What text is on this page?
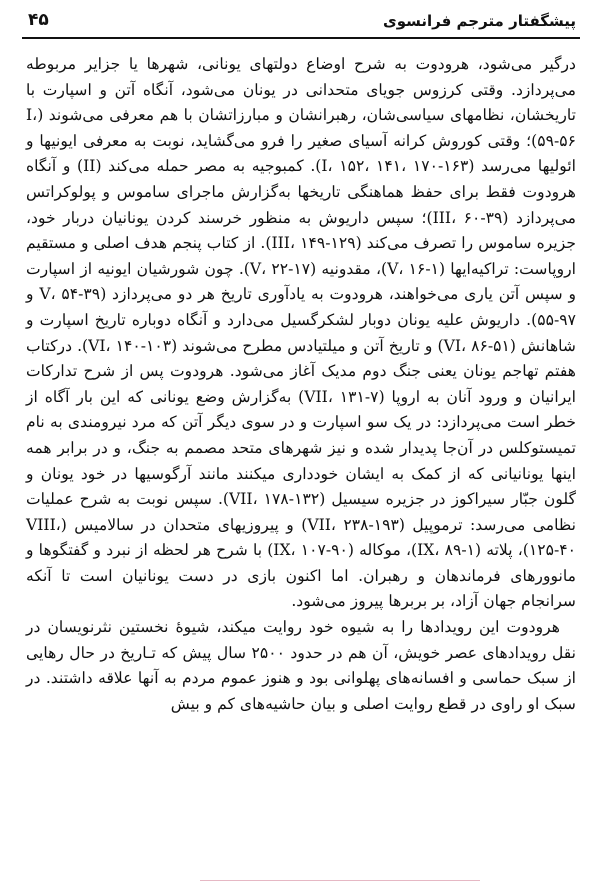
پیشگفتار مترجم فرانسوی
۴۵

درگیر می‌شود، هرودوت به شرح اوضاع دولتهای یونانی، شهرها یا جزایر مربوطه می‌پردازد. وقتی کرزوس جویای متحدانی در یونان می‌شود، آنگاه آتن و اسپارت با تاریخشان، نظامهای سیاسی‌شان، رهبرانشان و مبارزاتشان با هم معرفی می‌شوند (I، ۵۹-۵۶)؛ وقتی کوروش کرانه آسیای صغیر را فرو می‌گشاید، نوبت به معرفی ایونیها و ائولیها می‌رسد (I، ۱۵۲، ۱۴۱، ۱۷۰-۱۶۳). کمبوجیه به مصر حمله می‌کند (II) و آنگاه هرودوت فقط برای حفظ هماهنگی تاریخها به‌گزارش ماجرای ساموس و پولوکراتس می‌پردازد (III، ۶۰-۳۹)؛ سپس داریوش به منظور خرسند کردن یونانیان دربار خود، جزیره ساموس را تصرف می‌کند (III، ۱۴۹-۱۲۹). از کتاب پنجم هدف اصلی و مستقیم اروپاست: تراکیه‌ایها (V، ۱۶-۱)، مقدونیه (V، ۲۲-۱۷). چون شورشیان ایونیه از اسپارت و سپس آتن یاری می‌خواهند، هرودوت به یادآوری تاریخ هر دو می‌پردازد (V، ۵۴-۳۹ و ۹۷-۵۵). داریوش علیه یونان دوبار لشکرگسیل می‌دارد و آنگاه دوباره تاریخ اسپارت و شاهانش (VI، ۸۶-۵۱) و تاریخ آتن و میلتیادس مطرح می‌شوند (VI، ۱۴۰-۱۰۳). درکتاب هفتم تهاجم یونان یعنی جنگ دوم مدیک آغاز می‌شود. هرودوت پس از شرح تدارکات ایرانیان و ورود آنان به اروپا (VII، ۱۳۱-۷) به‌گزارش وضع یونانی که این بار آگاه از خطر است می‌پردازد: در یک سو اسپارت و در سوی دیگر آتن که مرد نیرومندی به نام تمیستوکلس در آن‌جا پدیدار شده و نیز شهرهای متحد مصمم به جنگ، و در برابر همه اینها یونانیانی که از کمک به ایشان خودداری میکنند مانند آرگوسیها در خود یونان و گلون جبّار سیراکوز در جزیره سیسیل (VII، ۱۷۸-۱۳۲). سپس نوبت به شرح عملیات نظامی می‌رسد: ترموپیل (VII، ۲۳۸-۱۹۳) و پیروزیهای متحدان در سالامیس (VIII، ۱۲۵-۴۰)، پلاته (IX، ۸۹-۱)، موکاله (IX، ۱۰۷-۹۰) با شرح هر لحظه از نبرد و گفتگوها و مانوورهای فرماندهان و رهبران. اما اکنون بازی در دست یونانیان است تا آنکه سرانجام جهان آزاد، بر بربرها پیروز می‌شود.

هرودوت این رویدادها را به شیوه خود روایت میکند، شیوهٔ نخستین نثرنویسان در نقل رویدادهای عصر خویش، آن هم در حدود ۲۵۰۰ سال پیش که تـاریخ در حال رهایی از سبک حماسی و افسانه‌های پهلوانی بود و هنوز عموم مردم به آنها علاقه داشتند. در سبک او راوی در قطع روایت اصلی و بیان حاشیه‌های کم و بیش
